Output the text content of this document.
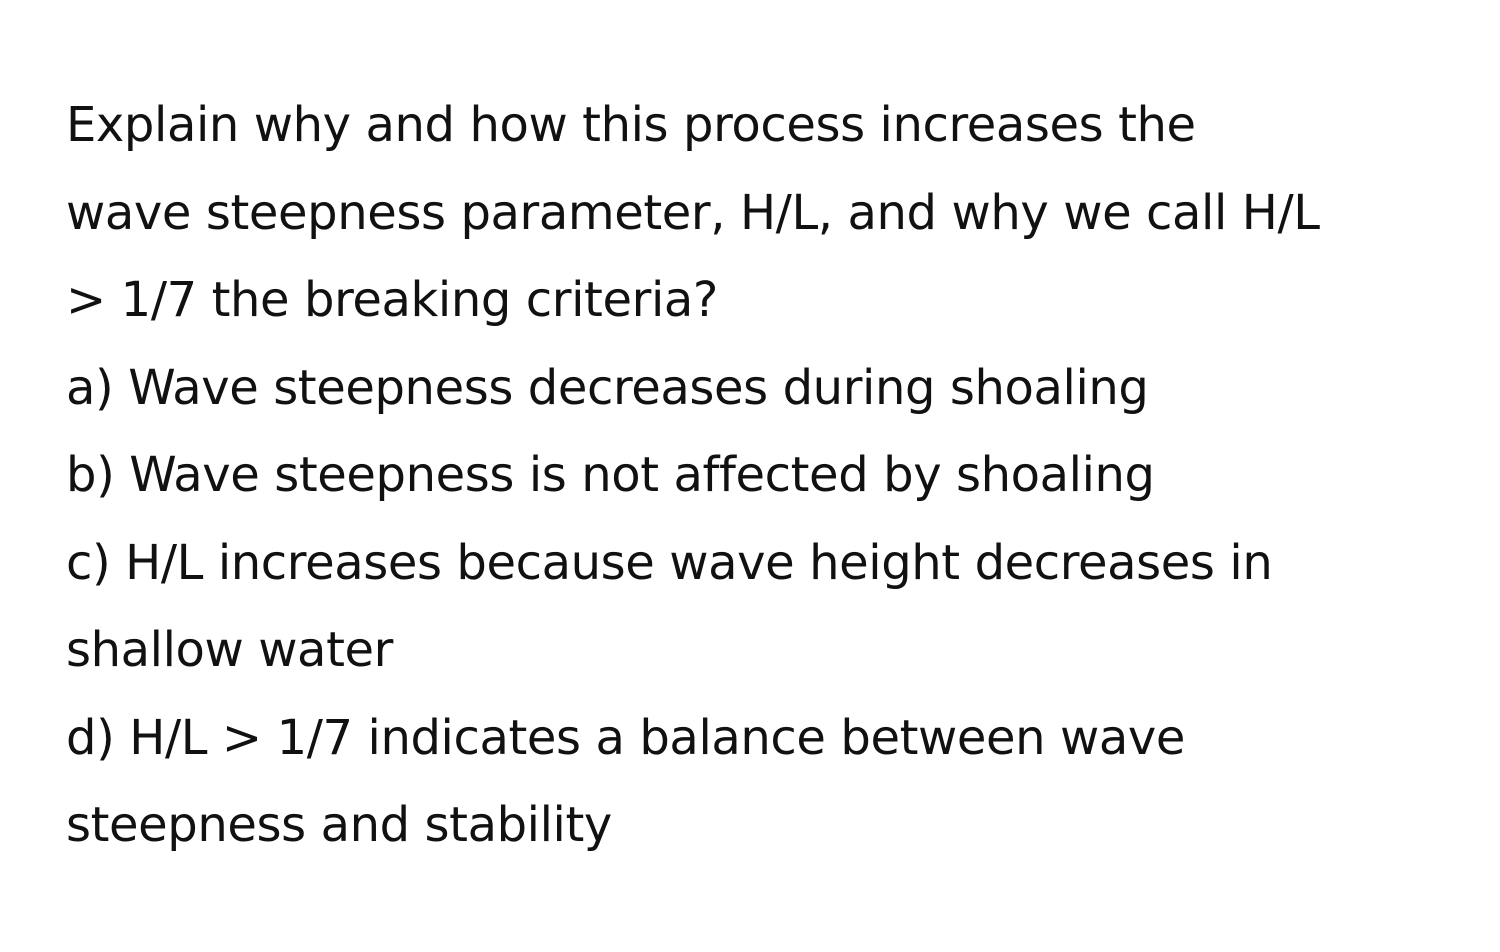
Explain why and how this process increases the
wave steepness parameter, H/L, and why we call H/L
> 1/7 the breaking criteria?
a) Wave steepness decreases during shoaling
b) Wave steepness is not affected by shoaling
c) H/L increases because wave height decreases in
shallow water
d) H/L > 1/7 indicates a balance between wave
steepness and stability
